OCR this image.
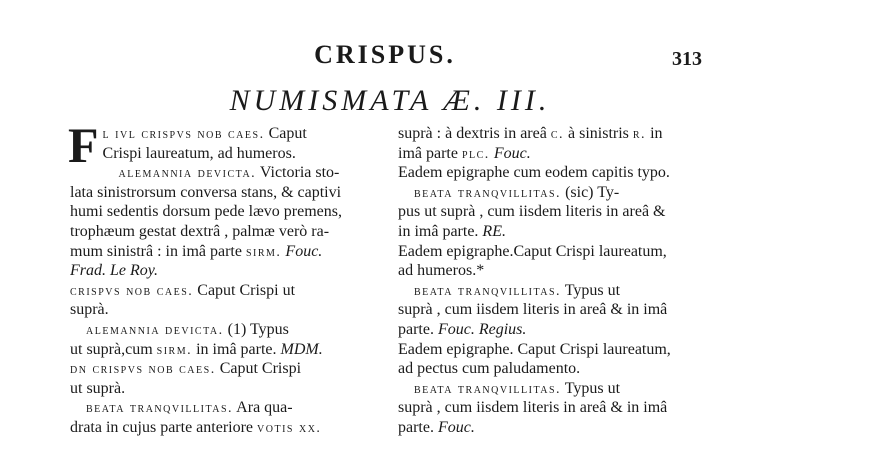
CRISPUS.	313
NUMISMATA Æ. III.
F l ivl crispvs nob caes. Caput
Crispi laureatum, ad humeros.
alemannia devicta. Victoria sto-
lata sinistrorsum conversa stans, & captivi
humi sedentis dorsum pede lævo premens,
trophæum gestat dextrâ , palmæ verò ra-
mum sinistrâ : in imâ parte sirm. Fouc.
Frad. Le Roy.
crispvs nob caes. Caput Crispi ut
suprà.
alemannia devicta. (1) Typus
ut suprà,cum sirm. in imâ parte. MDM.
dn crispvs nob caes. Caput Crispi
ut suprà.
beata tranqvillitas. Ara qua-
drata in cujus parte anteriore votis xx.
suprà : à dextris in areâ c. à sinistris r. in
imâ parte plc. Fouc.
Eadem epigraphe cum eodem capitis typo.
beata tranqvillitas. (sic) Ty-
pus ut suprà , cum iisdem literis in areâ &
in imâ parte. RE.
Eadem epigraphe.Caput Crispi laureatum,
ad humeros.*
beata tranqvillitas. Typus ut
suprà , cum iisdem literis in areâ & in imâ
parte. Fouc. Regius.
Eadem epigraphe. Caput Crispi laureatum,
ad pectus cum paludamento.
beata tranqvillitas. Typus ut
suprà , cum iisdem literis in areâ & in imâ
parte. Fouc.
